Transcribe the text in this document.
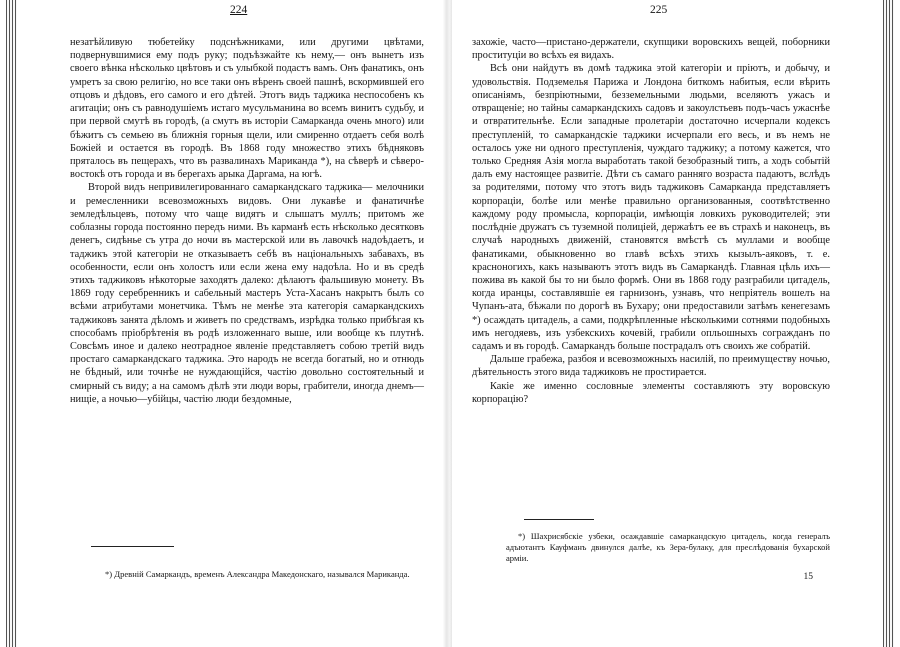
224

незатѣйливую тюбетейку подснѣжниками, или другими цвѣтами, подвернувшимися ему подъ руку; подъѣзжайте къ нему,— онъ вынетъ изъ своего вѣнка нѣсколько цвѣтовъ и съ улыбкой подастъ вамъ. Онъ фанатикъ, онъ умретъ за свою религію, но все таки онъ вѣренъ своей пашнѣ, вскормившей его отцовъ и дѣдовъ, его самого и его дѣтей. Этотъ видъ таджика неспособенъ къ агитаціи; онъ съ равнодушіемъ истаго мусульманина во всемъ винитъ судьбу, и при первой смутѣ въ городѣ, (а смутъ въ исторіи Самарканда очень много) или бѣжитъ съ семьею въ ближнія горныя щели, или смиренно отдаетъ себя волѣ Божіей и остается въ городѣ. Въ 1868 году множество этихъ бѣдняковъ пряталось въ пещерахъ, что въ развалинахъ Мариканда *), на сѣверѣ и сѣверо-востокѣ отъ города и въ берегахъ арыка Даргама, на югѣ.

Второй видъ непривилегированнаго самаркандскаго таджика— мелочники и ремесленники всевозможныхъ видовъ. Они лукавѣе и фанатичнѣе земледѣльцевъ, потому что чаще видятъ и слышатъ муллъ; притомъ же соблазны города постоянно передъ ними. Въ карманѣ есть нѣсколько десятковъ денегъ, сидѣнье съ утра до ночи въ мастерской или въ лавочкѣ надоѣдаетъ, и таджикъ этой категоріи не отказываетъ себѣ въ національныхъ забавахъ, въ особенности, если онъ холостъ или если жена ему надоѣла. Но и въ средѣ этихъ таджиковъ нѣкоторые заходятъ далеко: дѣлаютъ фальшивую монету. Въ 1869 году серебренникъ и сабельный мастеръ Уста-Хасанъ накрытъ былъ со всѣми атрибутами монетчика. Тѣмъ не менѣе эта категорія самаркандскихъ таджиковъ занята дѣломъ и живетъ по средствамъ, изрѣдка только прибѣгая къ способамъ пріобрѣтенія въ родѣ изложеннаго выше, или вообще къ плутнѣ. Совсѣмъ иное и далеко неотрадное явленіе представляетъ собою третій видъ простаго самаркандскаго таджика. Это народъ не всегда богатый, но и отнюдь не бѣдный, или точнѣе не нуждающійся, частію довольно состоятельный и смирный съ виду; а на самомъ дѣлѣ эти люди воры, грабители, иногда днемъ—нищіе, а ночью—убійцы, частію люди бездомные,

*) Древній Самаркандъ, временъ Александра Македонскаго, назывался Мариканда.
225

захожіе, часто—пристано-держатели, скупщики воровскихъ вещей, поборники проституціи во всѣхъ ея видахъ.

Всѣ они найдутъ въ домѣ таджика этой категоріи и пріютъ, и добычу, и удовольствія. Подземелья Парижа и Лондона биткомъ набитыя, если вѣрить описаніямъ, безпріютными, безземельными людьми, вселяютъ ужасъ и отвращеніе; но тайны самаркандскихъ садовъ и закоулстьевъ подъ-часъ ужаснѣе и отвратительнѣе. Если западные пролетаріи достаточно исчерпали кодексъ преступленій, то самаркандскіе таджики исчерпали его весь, и въ немъ не осталось уже ни одного преступленія, чуждаго таджику; а потому кажется, что только Средняя Азія могла выработать такой безобразный типъ, а ходъ событій далъ ему настоящее развитіе. Дѣти съ самаго ранняго возраста падаютъ, вслѣдъ за родителями, потому что этотъ видъ таджиковъ Самарканда представляетъ корпораціи, болѣе или менѣе правильно организованныя, соотвѣтственно каждому роду промысла, корпораціи, имѣющія ловкихъ руководителей; эти послѣдніе дружатъ съ туземной полиціей, держаѣтъ ее въ страхѣ и наконецъ, въ случаѣ народныхъ движеній, становятся вмѣстѣ съ муллами и вообще фанатиками, обыкновенно во главѣ всѣхъ этихъ кызылъ-аяковъ, т. е. красноногихъ, какъ называютъ этотъ видъ въ Самаркандѣ. Главная цѣль ихъ—пожива въ какой бы то ни было формѣ. Они въ 1868 году разграбили цитадель, когда иранцы, составлявшіе ея гарнизонъ, узнавъ, что непріятель вошелъ на Чупанъ-ата, бѣжали по дорогѣ въ Бухару; они предоставили затѣмъ кенегезамъ *) осаждать цитадель, а сами, подкрѣпленные нѣсколькими сотнями подобныхъ имъ негодяевъ, изъ узбекскихъ кочевій, грабили опльошныхъ согражданъ по садамъ и въ городѣ. Самаркандъ больше пострадалъ отъ своихъ же собратій.

Дальше грабежа, разбоя и всевозможныхъ насилій, по преимуществу ночью, дѣятельность этого вида таджиковъ не простирается.

Какіе же именно сословные элементы составляютъ эту воровскую корпорацію?

*) Шахрисябскіе узбеки, осаждавшіе самаркандскую цитадель, когда генералъ адъютантъ Кауфманъ двинулся далѣе, къ Зера-булаку, для преслѣдованія бухарской арміи.
15
